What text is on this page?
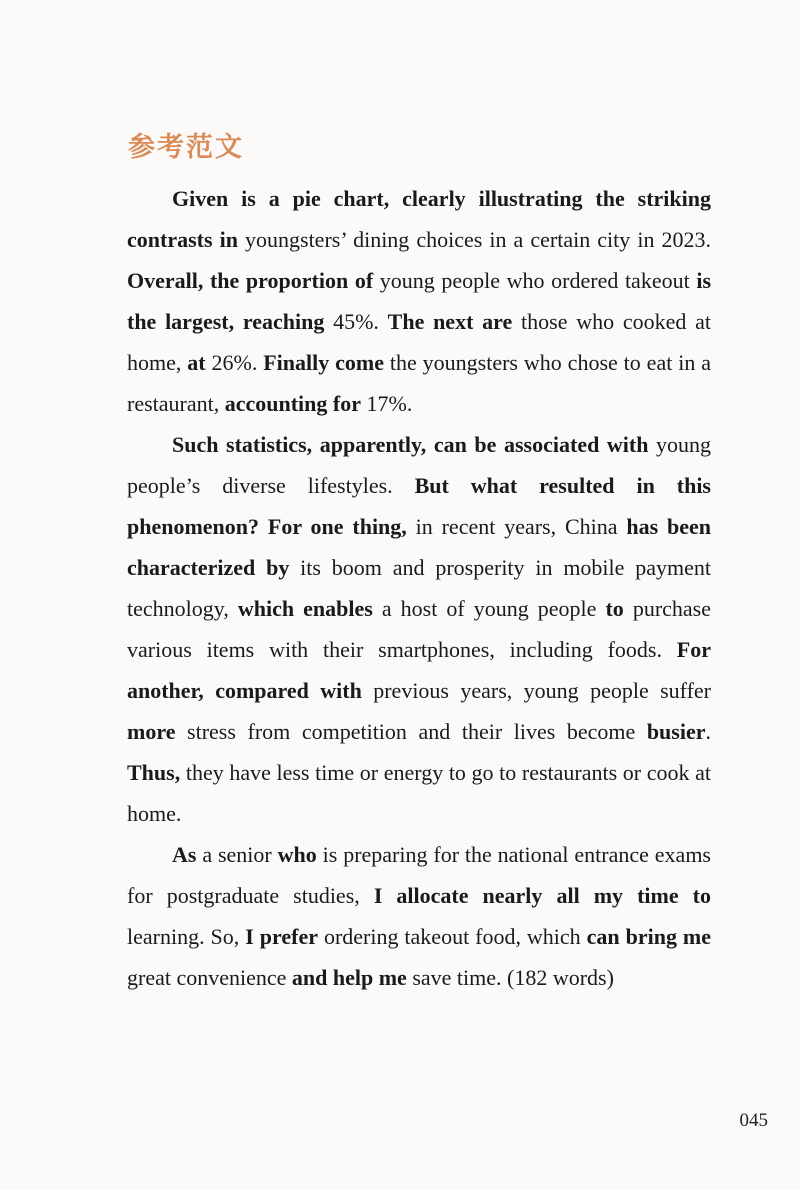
参考范文

Given is a pie chart, clearly illustrating the striking contrasts in youngsters’ dining choices in a certain city in 2023. Overall, the proportion of young people who ordered takeout is the largest, reaching 45%. The next are those who cooked at home, at 26%. Finally come the youngsters who chose to eat in a restaurant, accounting for 17%.

Such statistics, apparently, can be associated with young people’s diverse lifestyles. But what resulted in this phenomenon? For one thing, in recent years, China has been characterized by its boom and prosperity in mobile payment technology, which enables a host of young people to purchase various items with their smartphones, including foods. For another, compared with previous years, young people suffer more stress from competition and their lives become busier. Thus, they have less time or energy to go to restaurants or cook at home.

As a senior who is preparing for the national entrance exams for postgraduate studies, I allocate nearly all my time to learning. So, I prefer ordering takeout food, which can bring me great convenience and help me save time. (182 words)

045
